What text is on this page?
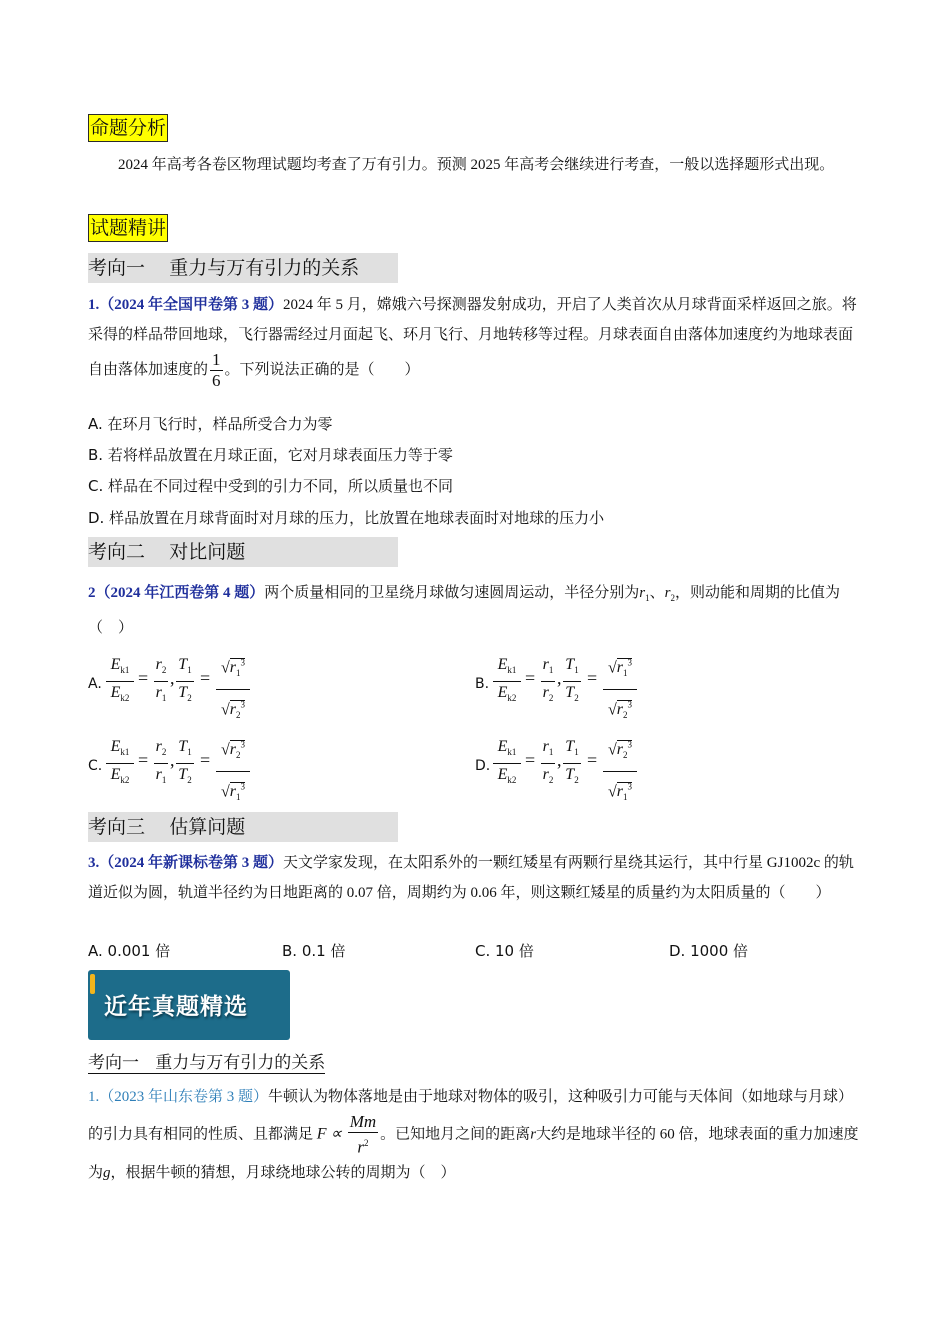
命题分析
2024 年高考各卷区物理试题均考查了万有引力。预测 2025 年高考会继续进行考查，一般以选择题形式出现。
试题精讲
考向一 重力与万有引力的关系
1.（2024 年全国甲卷第 3 题）2024 年 5 月，嫦娥六号探测器发射成功，开启了人类首次从月球背面采样返回之旅。将采得的样品带回地球，飞行器需经过月面起飞、环月飞行、月地转移等过程。月球表面自由落体加速度约为地球表面自由落体加速度的 $\frac{1}{6}$ 。下列说法正确的是（　　）
A. 在环月飞行时，样品所受合力为零
B. 若将样品放置在月球正面，它对月球表面压力等于零
C. 样品在不同过程中受到的引力不同，所以质量也不同
D. 样品放置在月球背面时对月球的压力，比放置在地球表面时对地球的压力小
考向二 对比问题
2（2024 年江西卷第 4 题）两个质量相同的卫星绕月球做匀速圆周运动，半径分别为$r_1$、$r_2$，则动能和周期的比值为（　）
A.
$E_{k1}$
$E_{k2}$
=
$r_2$
$r_1$
,
$T_1$
$T_2$
=
$√r_1^3$
$√r_2^3$
B.
$E_{k1}$
$E_{k2}$
=
$r_1$
$r_2$
,
$T_1$
$T_2$
=
$√r_1^3$
$√r_2^3$
C.
$E_{k1}$
$E_{k2}$
=
$r_2$
$r_1$
,
$T_1$
$T_2$
=
$√r_2^3$
$√r_1^3$
D.
$E_{k1}$
$E_{k2}$
=
$r_1$
$r_2$
,
$T_1$
$T_2$
=
$√r_2^3$
$√r_1^3$
考向三 估算问题
3.（2024 年新课标卷第 3 题）天文学家发现，在太阳系外的一颗红矮星有两颗行星绕其运行，其中行星 GJ1002c 的轨道近似为圆，轨道半径约为日地距离的 0.07 倍，周期约为 0.06 年，则这颗红矮星的质量约为太阳质量的（　　）
A. 0.001 倍	B. 0.1 倍	C. 10 倍	D. 1000 倍
近年真题精选
考向一 重力与万有引力的关系
1.（2023 年山东卷第 3 题）牛顿认为物体落地是由于地球对物体的吸引，这种吸引力可能与天体间（如地球与月球）的引力具有相同的性质、且都满足 $F \propto \frac{Mm}{r^2}$ 。已知地月之间的距离r大约是地球半径的 60 倍，地球表面的重力加速度为g，根据牛顿的猜想，月球绕地球公转的周期为（　）
